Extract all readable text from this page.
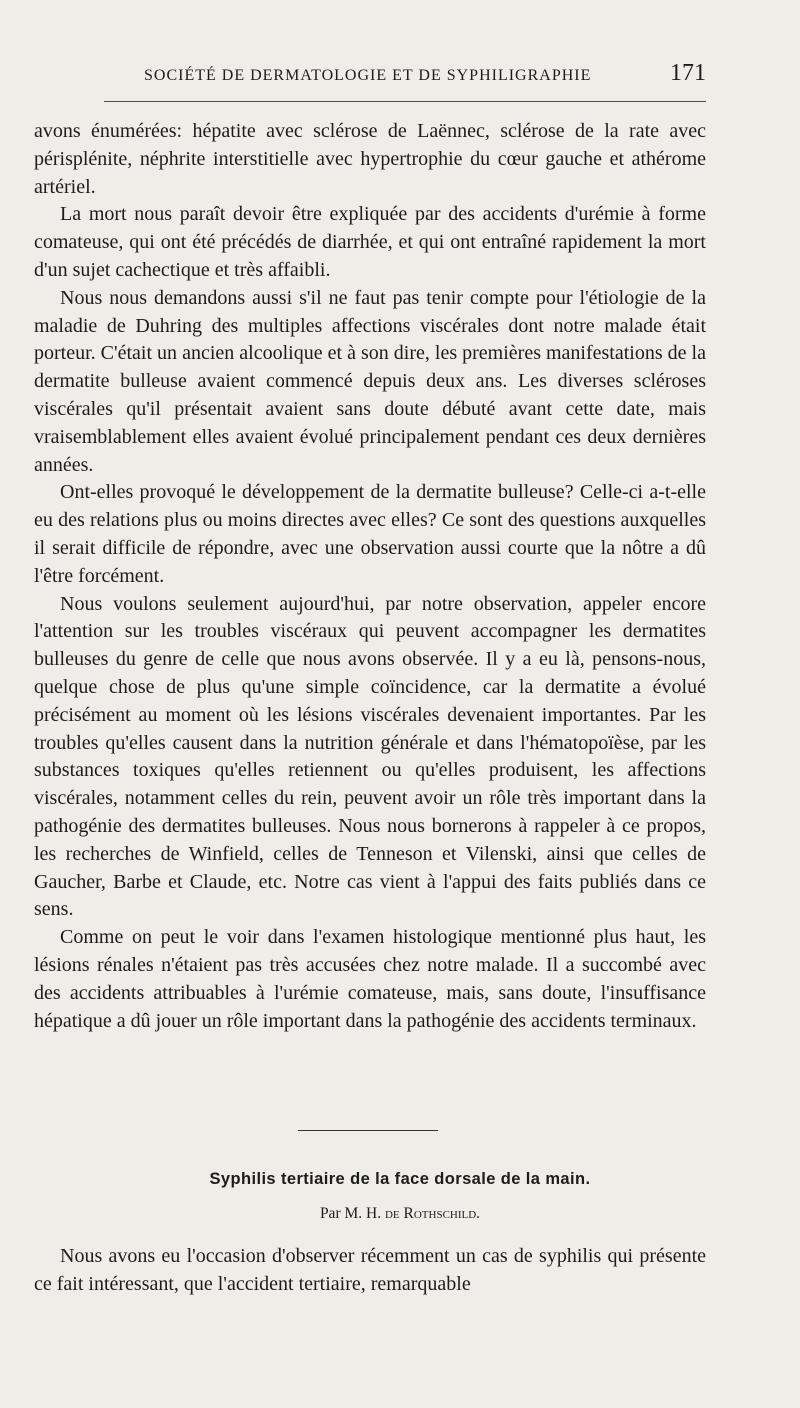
SOCIÉTÉ DE DERMATOLOGIE ET DE SYPHILIGRAPHIE	171

avons énumérées: hépatite avec sclérose de Laënnec, sclérose de la rate avec périsplénite, néphrite interstitielle avec hypertrophie du cœur gauche et athérome artériel.

La mort nous paraît devoir être expliquée par des accidents d'urémie à forme comateuse, qui ont été précédés de diarrhée, et qui ont entraîné rapidement la mort d'un sujet cachectique et très affaibli.

Nous nous demandons aussi s'il ne faut pas tenir compte pour l'étiologie de la maladie de Duhring des multiples affections viscérales dont notre malade était porteur. C'était un ancien alcoolique et à son dire, les premières manifestations de la dermatite bulleuse avaient commencé depuis deux ans. Les diverses scléroses viscérales qu'il présentait avaient sans doute débuté avant cette date, mais vraisemblablement elles avaient évolué principalement pendant ces deux dernières années.

Ont-elles provoqué le développement de la dermatite bulleuse? Celle-ci a-t-elle eu des relations plus ou moins directes avec elles? Ce sont des questions auxquelles il serait difficile de répondre, avec une observation aussi courte que la nôtre a dû l'être forcément.

Nous voulons seulement aujourd'hui, par notre observation, appeler encore l'attention sur les troubles viscéraux qui peuvent accompagner les dermatites bulleuses du genre de celle que nous avons observée. Il y a eu là, pensons-nous, quelque chose de plus qu'une simple coïncidence, car la dermatite a évolué précisément au moment où les lésions viscérales devenaient importantes. Par les troubles qu'elles causent dans la nutrition générale et dans l'hématopoïèse, par les substances toxiques qu'elles retiennent ou qu'elles produisent, les affections viscérales, notamment celles du rein, peuvent avoir un rôle très important dans la pathogénie des dermatites bulleuses. Nous nous bornerons à rappeler à ce propos, les recherches de Winfield, celles de Tenneson et Vilenski, ainsi que celles de Gaucher, Barbe et Claude, etc. Notre cas vient à l'appui des faits publiés dans ce sens.

Comme on peut le voir dans l'examen histologique mentionné plus haut, les lésions rénales n'étaient pas très accusées chez notre malade. Il a succombé avec des accidents attribuables à l'urémie comateuse, mais, sans doute, l'insuffisance hépatique a dû jouer un rôle important dans la pathogénie des accidents terminaux.

Syphilis tertiaire de la face dorsale de la main.
Par M. H. de Rothschild.

Nous avons eu l'occasion d'observer récemment un cas de syphilis qui présente ce fait intéressant, que l'accident tertiaire, remarquable
